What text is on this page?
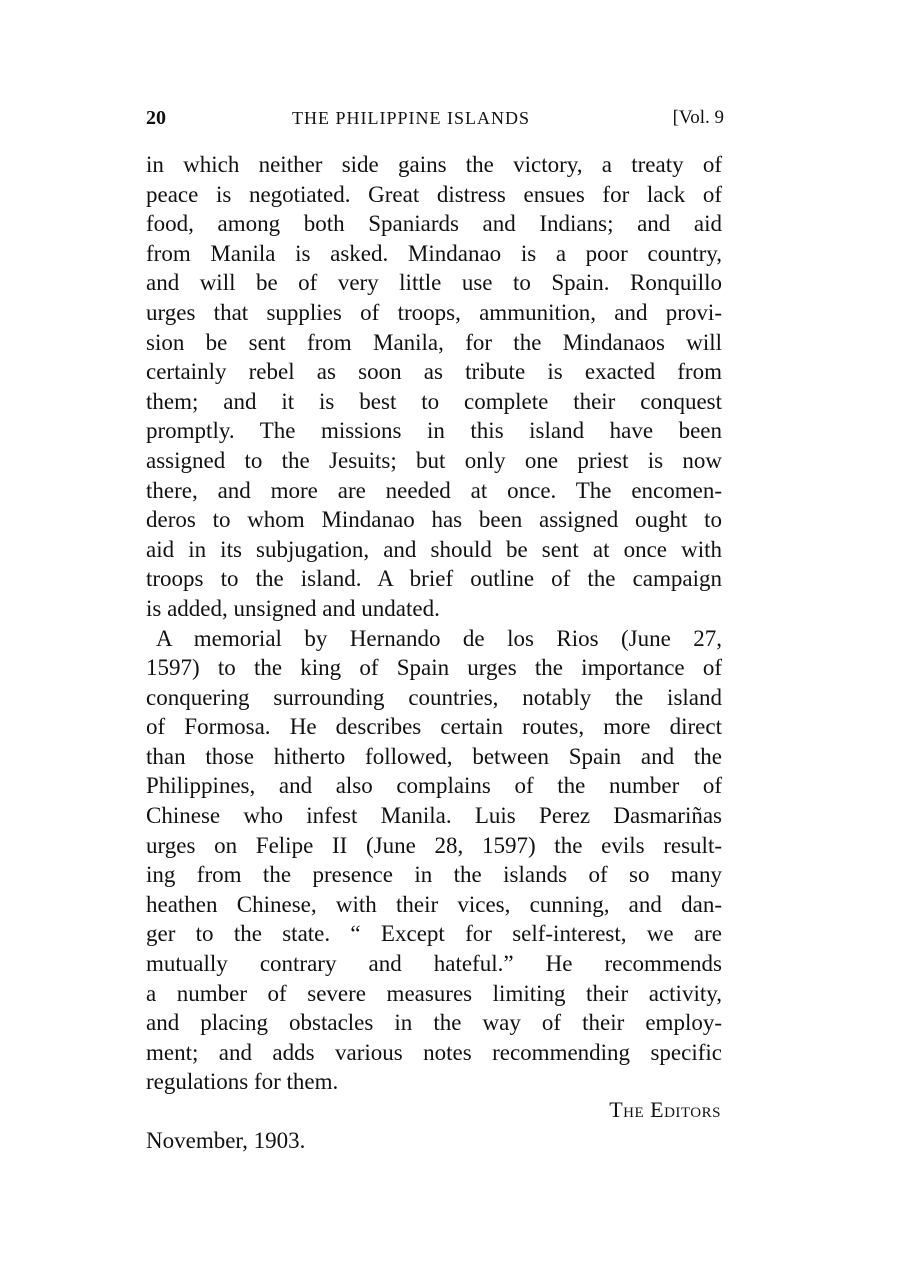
20	THE PHILIPPINE ISLANDS	[Vol. 9

in which neither side gains the victory, a treaty of
peace is negotiated. Great distress ensues for lack of
food, among both Spaniards and Indians; and aid
from Manila is asked. Mindanao is a poor country,
and will be of very little use to Spain. Ronquillo
urges that supplies of troops, ammunition, and provi-
sion be sent from Manila, for the Mindanaos will
certainly rebel as soon as tribute is exacted from
them; and it is best to complete their conquest
promptly. The missions in this island have been
assigned to the Jesuits; but only one priest is now
there, and more are needed at once. The encomen-
deros to whom Mindanao has been assigned ought to
aid in its subjugation, and should be sent at once with
troops to the island. A brief outline of the campaign
is added, unsigned and undated.

A memorial by Hernando de los Rios (June 27,
1597) to the king of Spain urges the importance of
conquering surrounding countries, notably the island
of Formosa. He describes certain routes, more direct
than those hitherto followed, between Spain and the
Philippines, and also complains of the number of
Chinese who infest Manila. Luis Perez Dasmariñas
urges on Felipe II (June 28, 1597) the evils result-
ing from the presence in the islands of so many
heathen Chinese, with their vices, cunning, and dan-
ger to the state. “ Except for self-interest, we are
mutually contrary and hateful.” He recommends
a number of severe measures limiting their activity,
and placing obstacles in the way of their employ-
ment; and adds various notes recommending specific
regulations for them.

The Editors
November, 1903.
